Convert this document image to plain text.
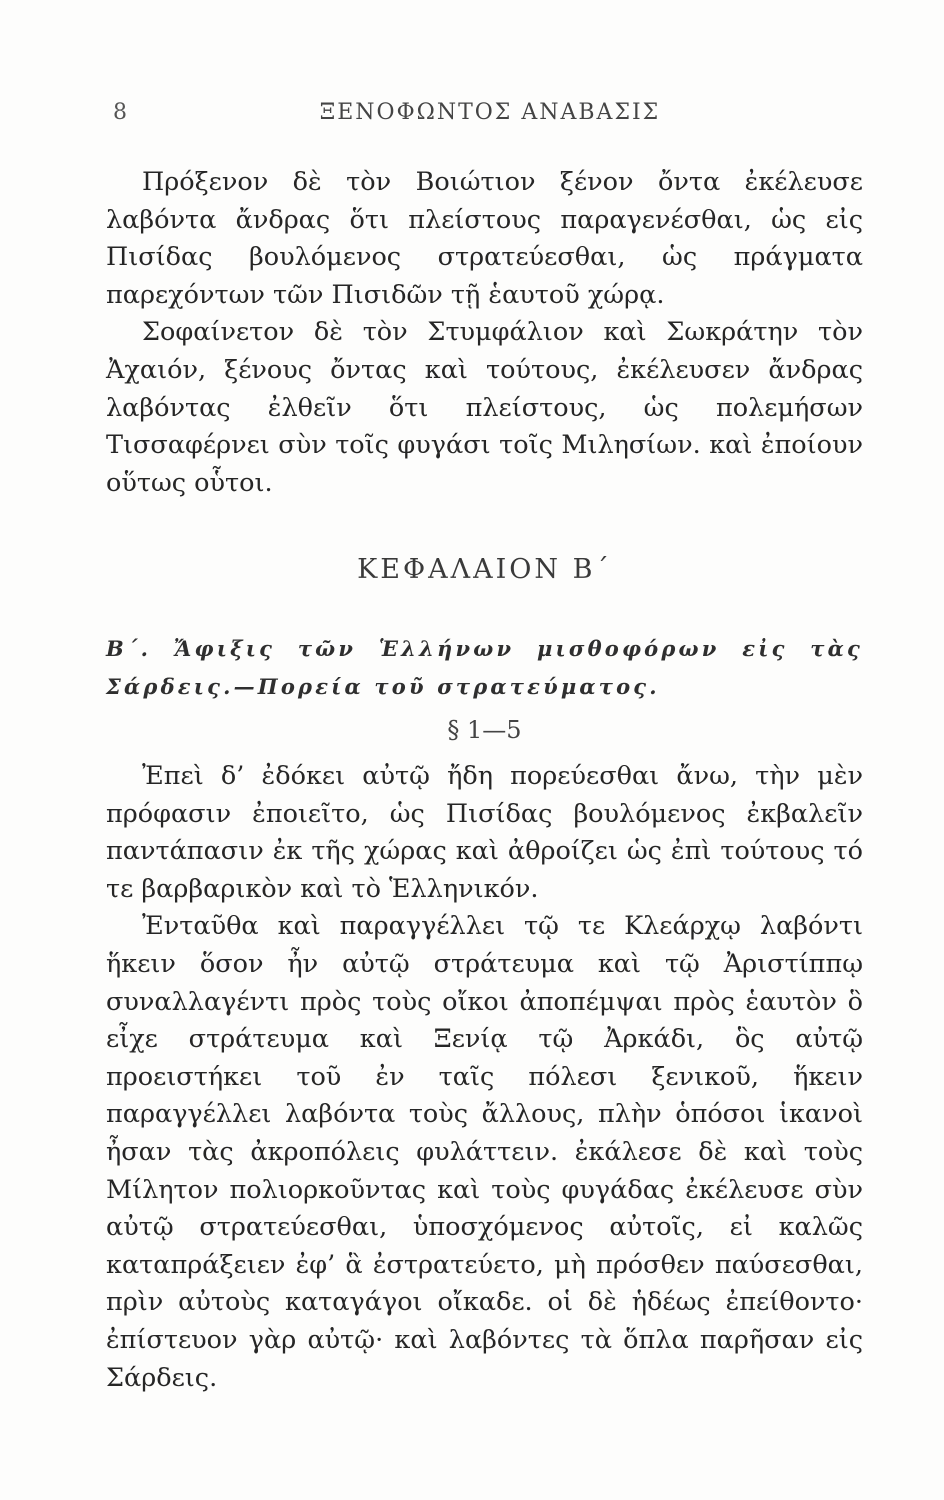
8	ΞΕΝΟΦΩΝΤΟΣ ΑΝΑΒΑΣΙΣ

Πρόξενον δὲ τὸν Βοιώτιον ξένον ὄντα ἐκέλευσε λαβόντα ἄνδρας ὅτι πλείστους παραγενέσθαι, ὡς εἰς Πισίδας βουλόμενος στρατεύεσθαι, ὡς πράγματα παρεχόντων τῶν Πισιδῶν τῇ ἑαυτοῦ χώρᾳ.

Σοφαίνετον δὲ τὸν Στυμφάλιον καὶ Σωκράτην τὸν Ἀχαιόν, ξένους ὄντας καὶ τούτους, ἐκέλευσεν ἄνδρας λαβόντας ἐλθεῖν ὅτι πλείστους, ὡς πολεμήσων Τισσαφέρνει σὺν τοῖς φυγάσι τοῖς Μιλησίων. καὶ ἐποίουν οὕτως οὗτοι.

ΚΕΦΑΛΑΙΟΝ Β΄
Β΄. Ἄφιξις τῶν Ἑλλήνων μισθοφόρων εἰς τὰς Σάρδεις.—Πορεία τοῦ στρατεύματος.
§ 1—5

Ἐπεὶ δ’ ἐδόκει αὐτῷ ἤδη πορεύεσθαι ἄνω, τὴν μὲν πρόφασιν ἐποιεῖτο, ὡς Πισίδας βουλόμενος ἐκβαλεῖν παντάπασιν ἐκ τῆς χώρας καὶ ἀθροίζει ὡς ἐπὶ τούτους τό τε βαρβαρικὸν καὶ τὸ Ἑλληνικόν.

Ἐνταῦθα καὶ παραγγέλλει τῷ τε Κλεάρχῳ λαβόντι ἥκειν ὅσον ἦν αὐτῷ στράτευμα καὶ τῷ Ἀριστίππῳ συναλλαγέντι πρὸς τοὺς οἴκοι ἀποπέμψαι πρὸς ἑαυτὸν ὃ εἶχε στράτευμα καὶ Ξενίᾳ τῷ Ἀρκάδι, ὃς αὐτῷ προειστήκει τοῦ ἐν ταῖς πόλεσι ξενικοῦ, ἥκειν παραγγέλλει λαβόντα τοὺς ἄλλους, πλὴν ὁπόσοι ἱκανοὶ ἦσαν τὰς ἀκροπόλεις φυλάττειν. ἐκάλεσε δὲ καὶ τοὺς Μίλητον πολιορκοῦντας καὶ τοὺς φυγάδας ἐκέλευσε σὺν αὐτῷ στρατεύεσθαι, ὑποσχόμενος αὐτοῖς, εἰ καλῶς καταπράξειεν ἐφ’ ἃ ἐστρατεύετο, μὴ πρόσθεν παύσεσθαι, πρὶν αὐτοὺς καταγάγοι οἴκαδε. οἱ δὲ ἡδέως ἐπείθοντο· ἐπίστευον γὰρ αὐτῷ· καὶ λαβόντες τὰ ὅπλα παρῆσαν εἰς Σάρδεις.
